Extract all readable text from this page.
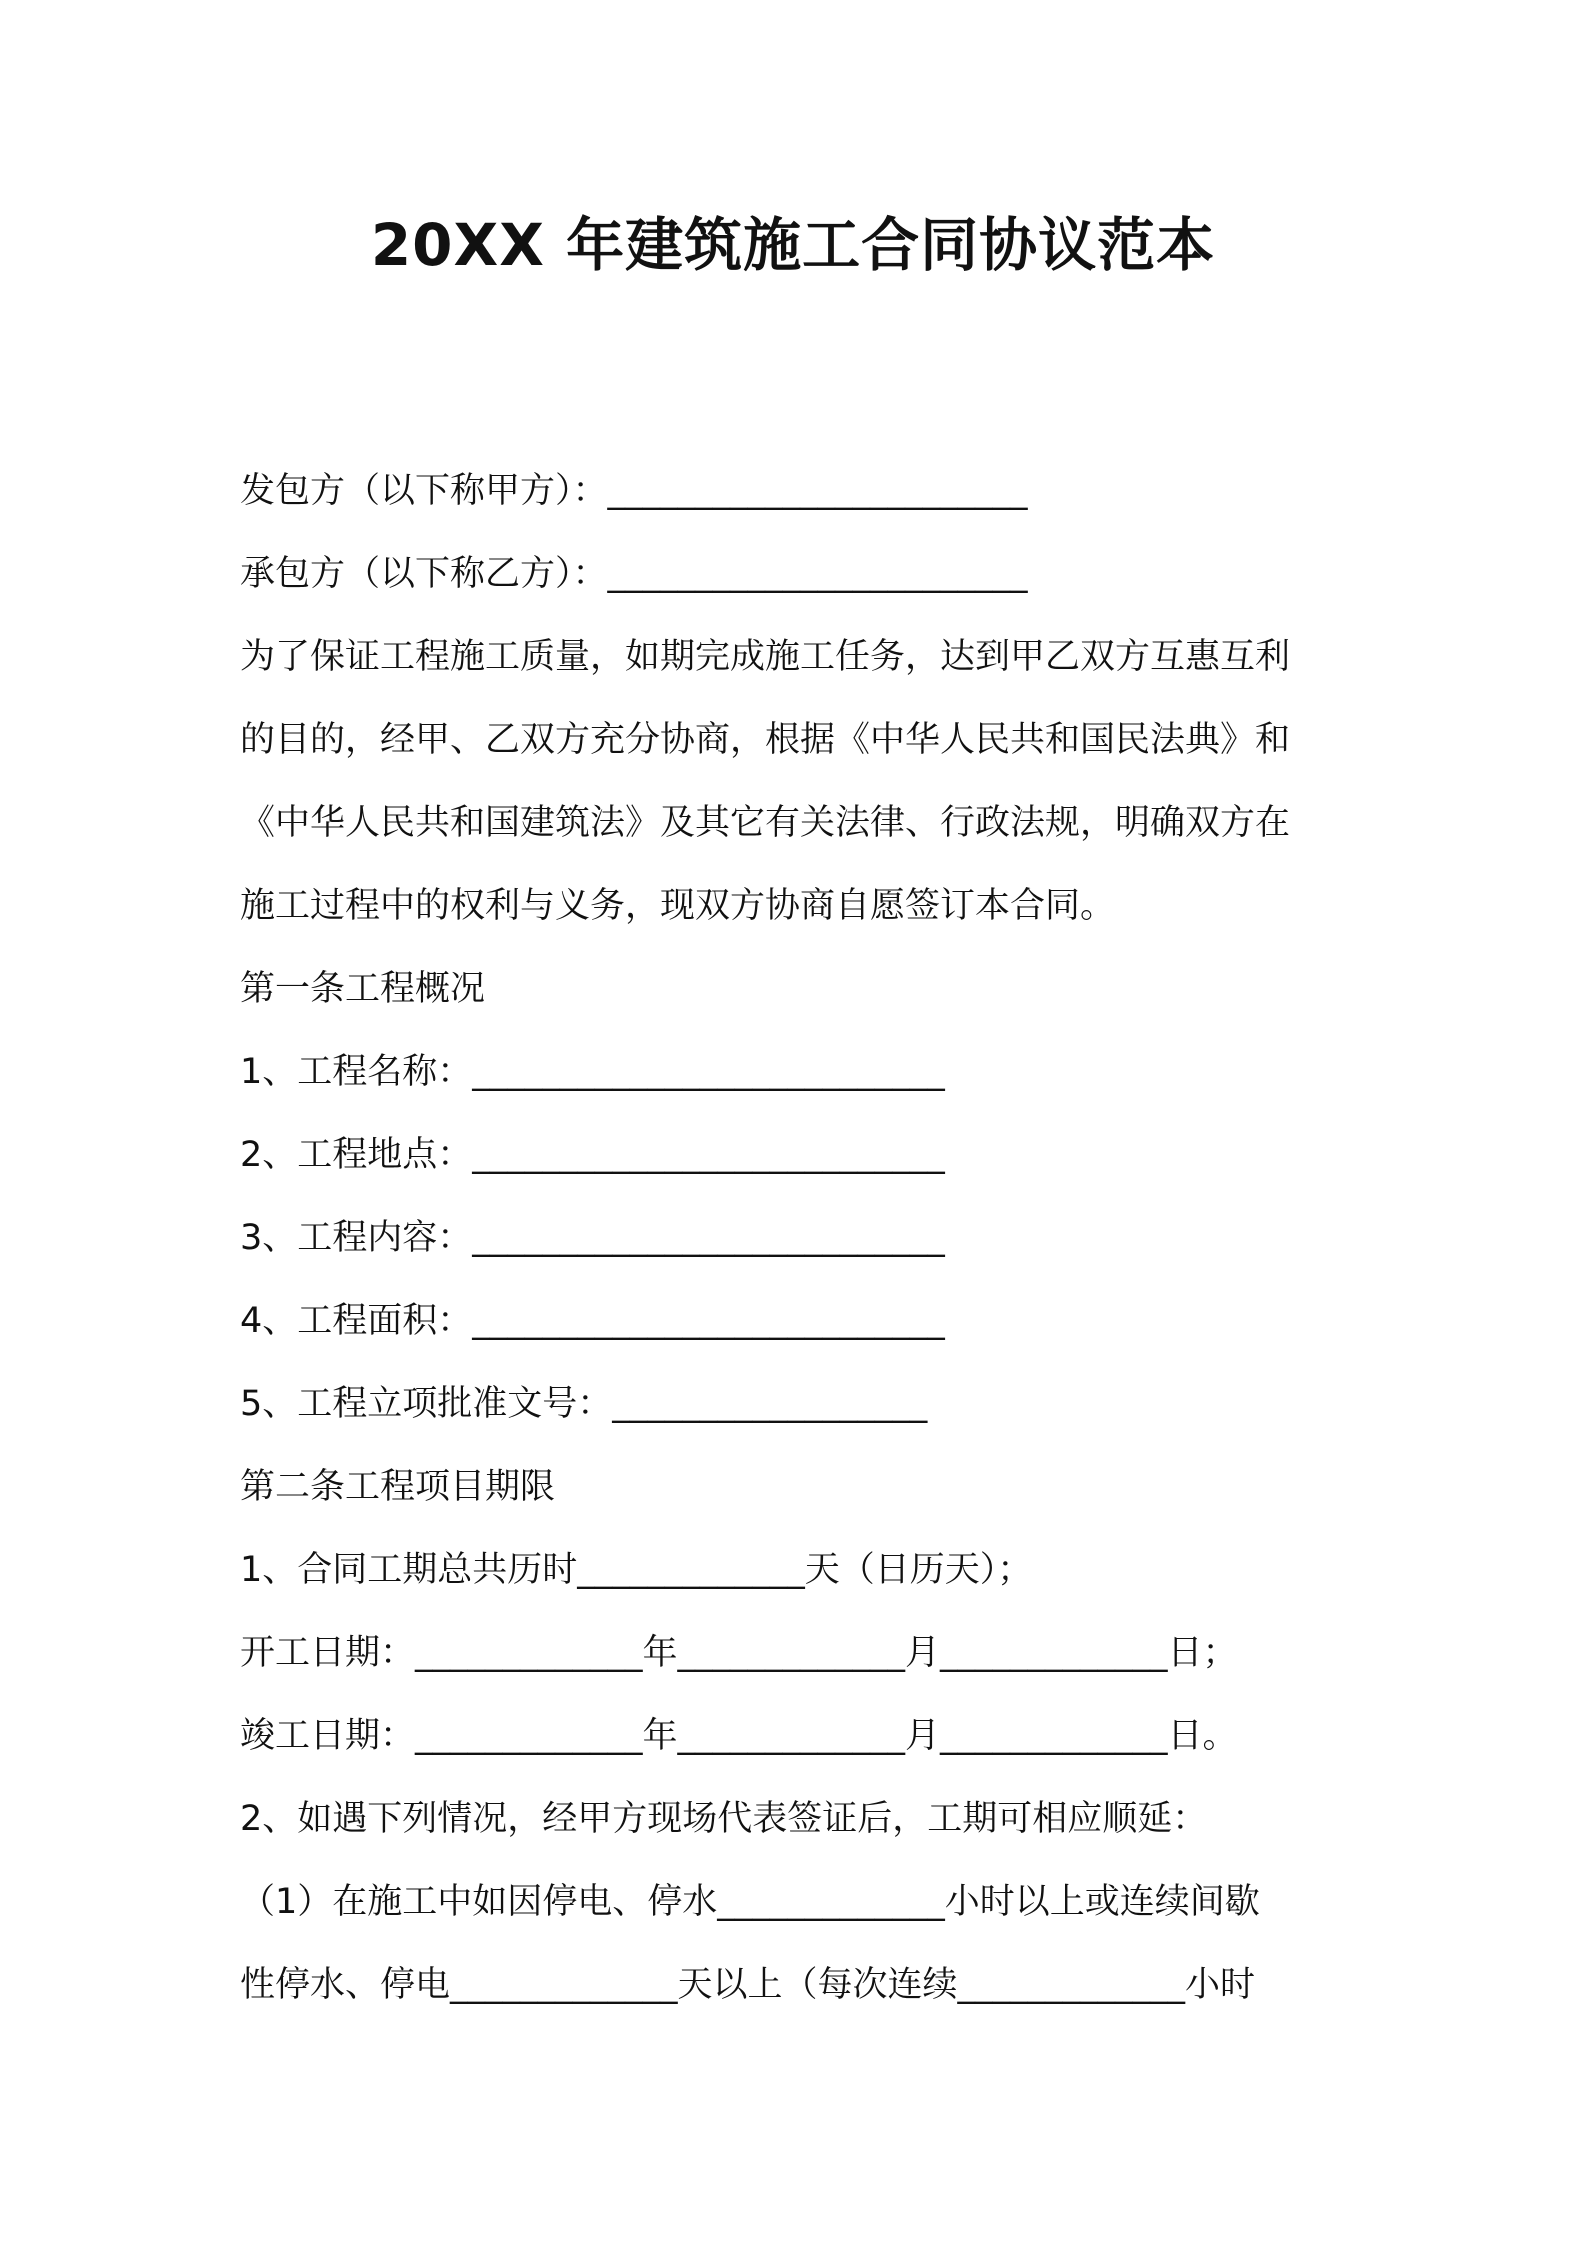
20XX 年建筑施工合同协议范本

发包方（以下称甲方）：________________________

承包方（以下称乙方）：________________________

为了保证工程施工质量，如期完成施工任务，达到甲乙双方互惠互利

的目的，经甲、乙双方充分协商，根据《中华人民共和国民法典》和

《中华人民共和国建筑法》及其它有关法律、行政法规，明确双方在

施工过程中的权利与义务，现双方协商自愿签订本合同。

第一条工程概况

1、工程名称：___________________________

2、工程地点：___________________________

3、工程内容：___________________________

4、工程面积：___________________________

5、工程立项批准文号：__________________

第二条工程项目期限

1、合同工期总共历时_____________天（日历天）；

开工日期：_____________年_____________月_____________日；

竣工日期：_____________年_____________月_____________日。

2、如遇下列情况，经甲方现场代表签证后，工期可相应顺延：

（1）在施工中如因停电、停水_____________小时以上或连续间歇

性停水、停电_____________天以上（每次连续_____________小时
